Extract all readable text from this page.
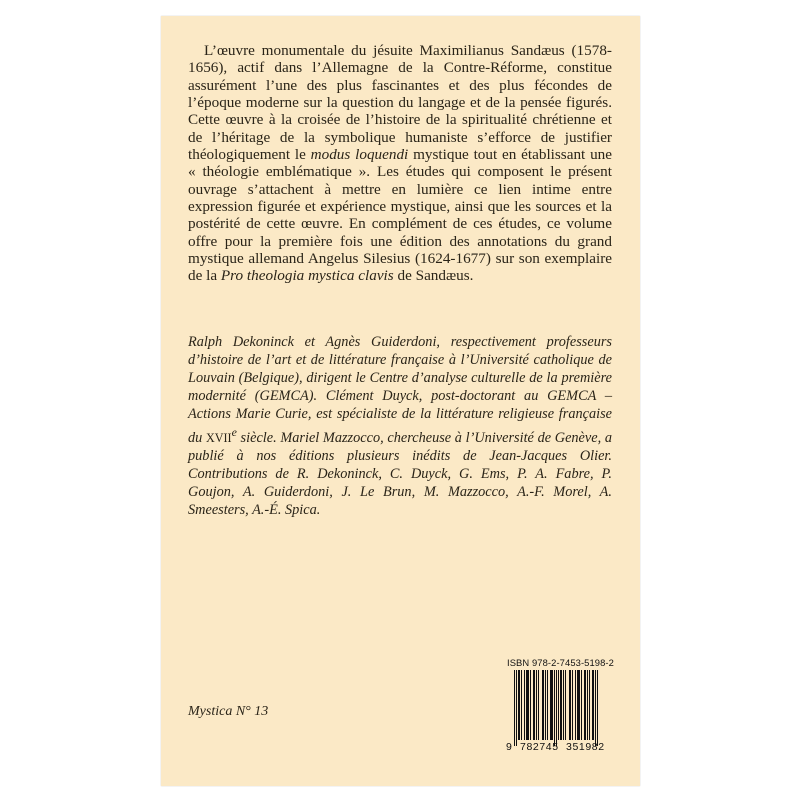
L’œuvre monumentale du jésuite Maximilianus Sandæus (1578-1656), actif dans l’Allemagne de la Contre-Réforme, constitue assurément l’une des plus fascinantes et des plus fécondes de l’époque moderne sur la question du langage et de la pensée figurés. Cette œuvre à la croisée de l’histoire de la spiritualité chrétienne et de l’héritage de la symbolique humaniste s’efforce de justifier théologiquement le modus loquendi mystique tout en établissant une « théologie emblématique ». Les études qui composent le présent ouvrage s’attachent à mettre en lumière ce lien intime entre expression figurée et expérience mystique, ainsi que les sources et la postérité de cette œuvre. En complément de ces études, ce volume offre pour la première fois une édition des annotations du grand mystique allemand Angelus Silesius (1624-1677) sur son exemplaire de la Pro theologia mystica clavis de Sandæus.

Ralph Dekoninck et Agnès Guiderdoni, respectivement professeurs d’histoire de l’art et de littérature française à l’Université catholique de Louvain (Belgique), dirigent le Centre d’analyse culturelle de la première modernité (GEMCA). Clément Duyck, post-doctorant au GEMCA – Actions Marie Curie, est spécialiste de la littérature religieuse française du XVIIe siècle. Mariel Mazzocco, chercheuse à l’Université de Genève, a publié à nos éditions plusieurs inédits de Jean-Jacques Olier. Contributions de R. Dekoninck, C. Duyck, G. Ems, P. A. Fabre, P. Goujon, A. Guiderdoni, J. Le Brun, M. Mazzocco, A.-F. Morel, A. Smeesters, A.-É. Spica.

Mystica N° 13
ISBN 978-2-7453-5198-2
9 782745 351982
